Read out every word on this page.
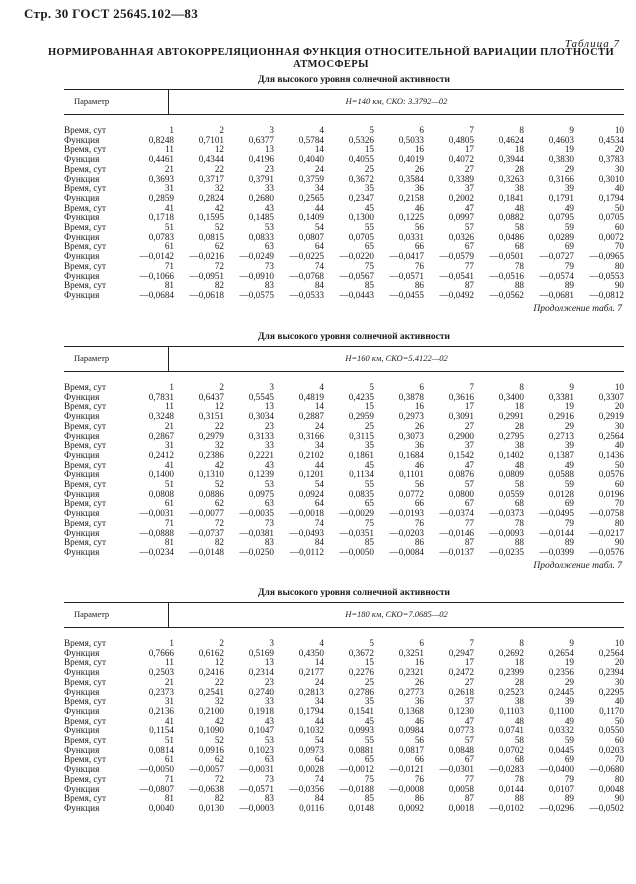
Стр. 30 ГОСТ 25645.102—83
Таблица 7
НОРМИРОВАННАЯ АВТОКОРРЕЛЯЦИОННАЯ ФУНКЦИЯ ОТНОСИТЕЛЬНОЙ ВАРИАЦИИ ПЛОТНОСТИ
АТМОСФЕРЫ
Для высокого уровня солнечной активности
Параметр	H=140 км, СКО: 3.3792—02
Время, сут	1	2	3	4	5	6	7	8	9	10
Функция	0,8248	0,7101	0,6377	0,5784	0,5326	0,5033	0,4805	0,4624	0,4603	0,4534
Время, сут	11	12	13	14	15	16	17	18	19	20
Функция	0,4461	0,4344	0,4196	0,4040	0,4055	0,4019	0,4072	0,3944	0,3830	0,3783
Время, сут	21	22	23	24	25	26	27	28	29	30
Функция	0,3693	0,3717	0,3791	0,3759	0,3672	0,3584	0,3389	0,3263	0,3166	0,3010
Время, сут	31	32	33	34	35	36	37	38	39	40
Функция	0,2859	0,2824	0,2680	0,2565	0,2347	0,2158	0,2002	0,1841	0,1791	0,1794
Время, сут	41	42	43	44	45	46	47	48	49	50
Функция	0,1718	0,1595	0,1485	0,1409	0,1300	0,1225	0,0997	0,0882	0,0795	0,0705
Время, сут	51	52	53	54	55	56	57	58	59	60
Функция	0,0783	0,0815	0,0833	0,0807	0,0705	0,0331	0,0326	0,0486	0,0289	0,0072
Время, сут	61	62	63	64	65	66	67	68	69	70
Функция	—0,0142	—0,0216	—0,0249	—0,0225	—0,0220	—0,0417	—0,0579	—0,0501	—0,0727	—0,0965
Время, сут	71	72	73	74	75	76	77	78	79	80
Функция	—0,1066	—0,0951	—0,0910	—0,0768	—0,0567	—0,0571	—0,0541	—0,0516	—0,0574	—0,0553
Время, сут	81	82	83	84	85	86	87	88	89	90
Функция	—0,0684	—0,0618	—0,0575	—0,0533	—0,0443	—0,0455	—0,0492	—0,0562	—0,0681	—0,0812
Продолжение табл. 7
Для высокого уровня солнечной активности
Параметр	H=160 км, СКО=5.4122—02
Время, сут	1	2	3	4	5	6	7	8	9	10
Функция	0,7831	0,6437	0,5545	0,4819	0,4235	0,3878	0,3616	0,3400	0,3381	0,3307
Время, сут	11	12	13	14	15	16	17	18	19	20
Функция	0,3248	0,3151	0,3034	0,2887	0,2959	0,2973	0,3091	0,2991	0,2916	0,2919
Время, сут	21	22	23	24	25	26	27	28	29	30
Функция	0,2867	0,2979	0,3133	0,3166	0,3115	0,3073	0,2900	0,2795	0,2713	0,2564
Время, сут	31	32	33	34	35	36	37	38	39	40
Функция	0,2412	0,2386	0,2221	0,2102	0,1861	0,1684	0,1542	0,1402	0,1387	0,1436
Время, сут	41	42	43	44	45	46	47	48	49	50
Функция	0,1400	0,1310	0,1239	0,1201	0,1134	0,1101	0,0876	0,0809	0,0588	0,0576
Время, сут	51	52	53	54	55	56	57	58	59	60
Функция	0,0808	0,0886	0,0975	0,0924	0,0835	0,0772	0,0800	0,0559	0,0128	0,0196
Время, сут	61	62	63	64	65	66	67	68	69	70
Функция	—0,0031	—0,0077	—0,0035	—0,0018	—0,0029	—0,0193	—0,0374	—0,0373	—0,0495	—0,0758
Время, сут	71	72	73	74	75	76	77	78	79	80
Функция	—0,0888	—0,0737	—0,0381	—0,0493	—0,0351	—0,0203	—0,0146	—0,0093	—0,0144	—0,0217
Время, сут	81	82	83	84	85	86	87	88	89	90
Функция	—0,0234	—0,0148	—0,0250	—0,0112	—0,0050	—0,0084	—0,0137	—0,0235	—0,0399	—0,0576
Продолжение табл. 7
Для высокого уровня солнечной активности
Параметр	H=180 км, СКО=7.0685—02
Время, сут	1	2	3	4	5	6	7	8	9	10
Функция	0,7666	0,6162	0,5169	0,4350	0,3672	0,3251	0,2947	0,2692	0,2654	0,2564
Время, сут	11	12	13	14	15	16	17	18	19	20
Функция	0,2503	0,2416	0,2314	0,2177	0,2276	0,2321	0,2472	0,2399	0,2356	0,2394
Время, сут	21	22	23	24	25	26	27	28	29	30
Функция	0,2373	0,2541	0,2740	0,2813	0,2786	0,2773	0,2618	0,2523	0,2445	0,2295
Время, сут	31	32	33	34	35	36	37	38	39	40
Функция	0,2136	0,2100	0,1918	0,1794	0,1541	0,1368	0,1230	0,1103	0,1100	0,1170
Время, сут	41	42	43	44	45	46	47	48	49	50
Функция	0,1154	0,1090	0,1047	0,1032	0,0993	0,0984	0,0773	0,0741	0,0332	0,0550
Время, сут	51	52	53	54	55	56	57	58	59	60
Функция	0,0814	0,0916	0,1023	0,0973	0,0881	0,0817	0,0848	0,0702	0,0445	0,0203
Время, сут	61	62	63	64	65	66	67	68	69	70
Функция	—0,0050	—0,0057	—0,0031	0,0028	—0,0012	—0,0121	—0,0301	—0,0283	—0,0400	—0,0680
Время, сут	71	72	73	74	75	76	77	78	79	80
Функция	—0,0807	—0,0638	—0,0571	—0,0356	—0,0188	—0,0008	0,0058	0,0144	0,0107	0,0048
Время, сут	81	82	83	84	85	86	87	88	89	90
Функция	0,0040	0,0130	—0,0003	0,0116	0,0148	0,0092	0,0018	—0,0102	—0,0296	—0,0502
